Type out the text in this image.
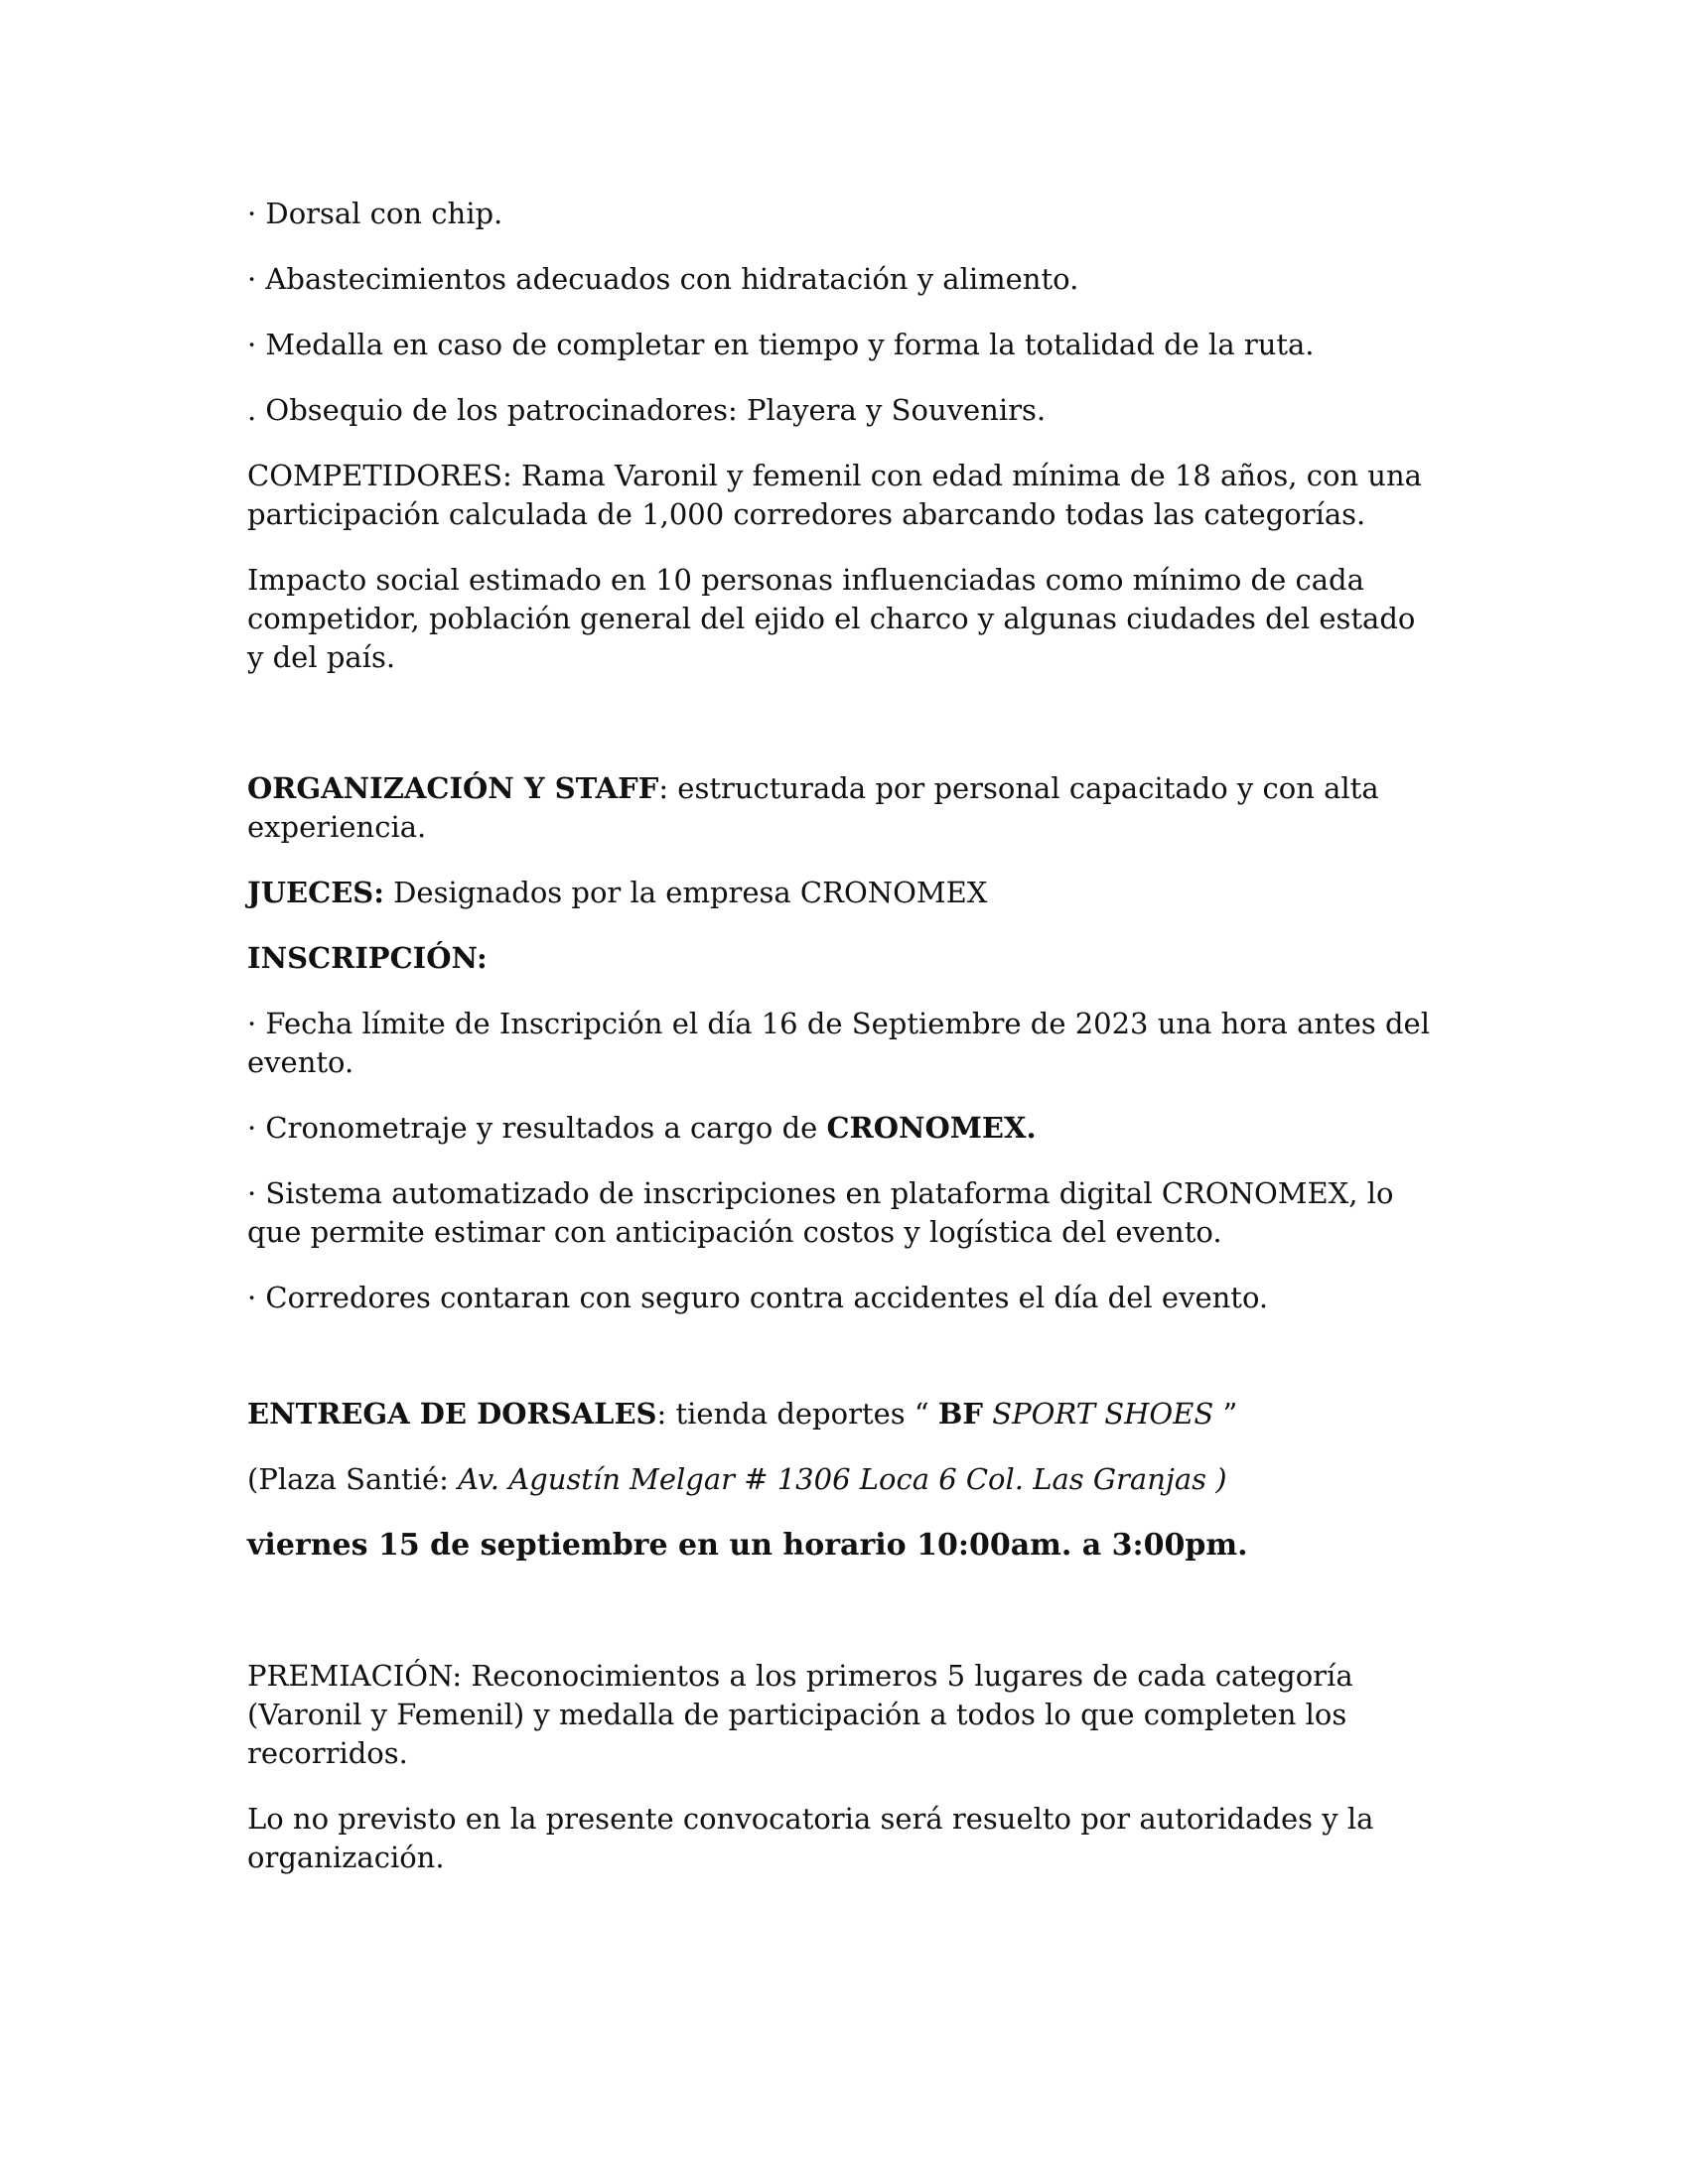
· Dorsal con chip.

· Abastecimientos adecuados con hidratación y alimento.

· Medalla en caso de completar en tiempo y forma la totalidad de la ruta.

. Obsequio de los patrocinadores: Playera y Souvenirs.

COMPETIDORES: Rama Varonil y femenil con edad mínima de 18 años, con una participación calculada de 1,000 corredores abarcando todas las categorías.

Impacto social estimado en 10 personas influenciadas como mínimo de cada competidor, población general del ejido el charco y algunas ciudades del estado y del país.

ORGANIZACIÓN Y STAFF: estructurada por personal capacitado y con alta experiencia.

JUECES: Designados por la empresa CRONOMEX

INSCRIPCIÓN:

· Fecha límite de Inscripción el día 16 de Septiembre de 2023 una hora antes del evento.

· Cronometraje y resultados a cargo de CRONOMEX.

· Sistema automatizado de inscripciones en plataforma digital CRONOMEX, lo que permite estimar con anticipación costos y logística del evento.

· Corredores contaran con seguro contra accidentes el día del evento.

ENTREGA DE DORSALES: tienda deportes “ BF SPORT SHOES ”

(Plaza Santié: Av. Agustín Melgar # 1306 Loca 6 Col. Las Granjas )

viernes 15 de septiembre en un horario 10:00am. a 3:00pm.

PREMIACIÓN: Reconocimientos a los primeros 5 lugares de cada categoría (Varonil y Femenil) y medalla de participación a todos lo que completen los recorridos.

Lo no previsto en la presente convocatoria será resuelto por autoridades y la organización.
